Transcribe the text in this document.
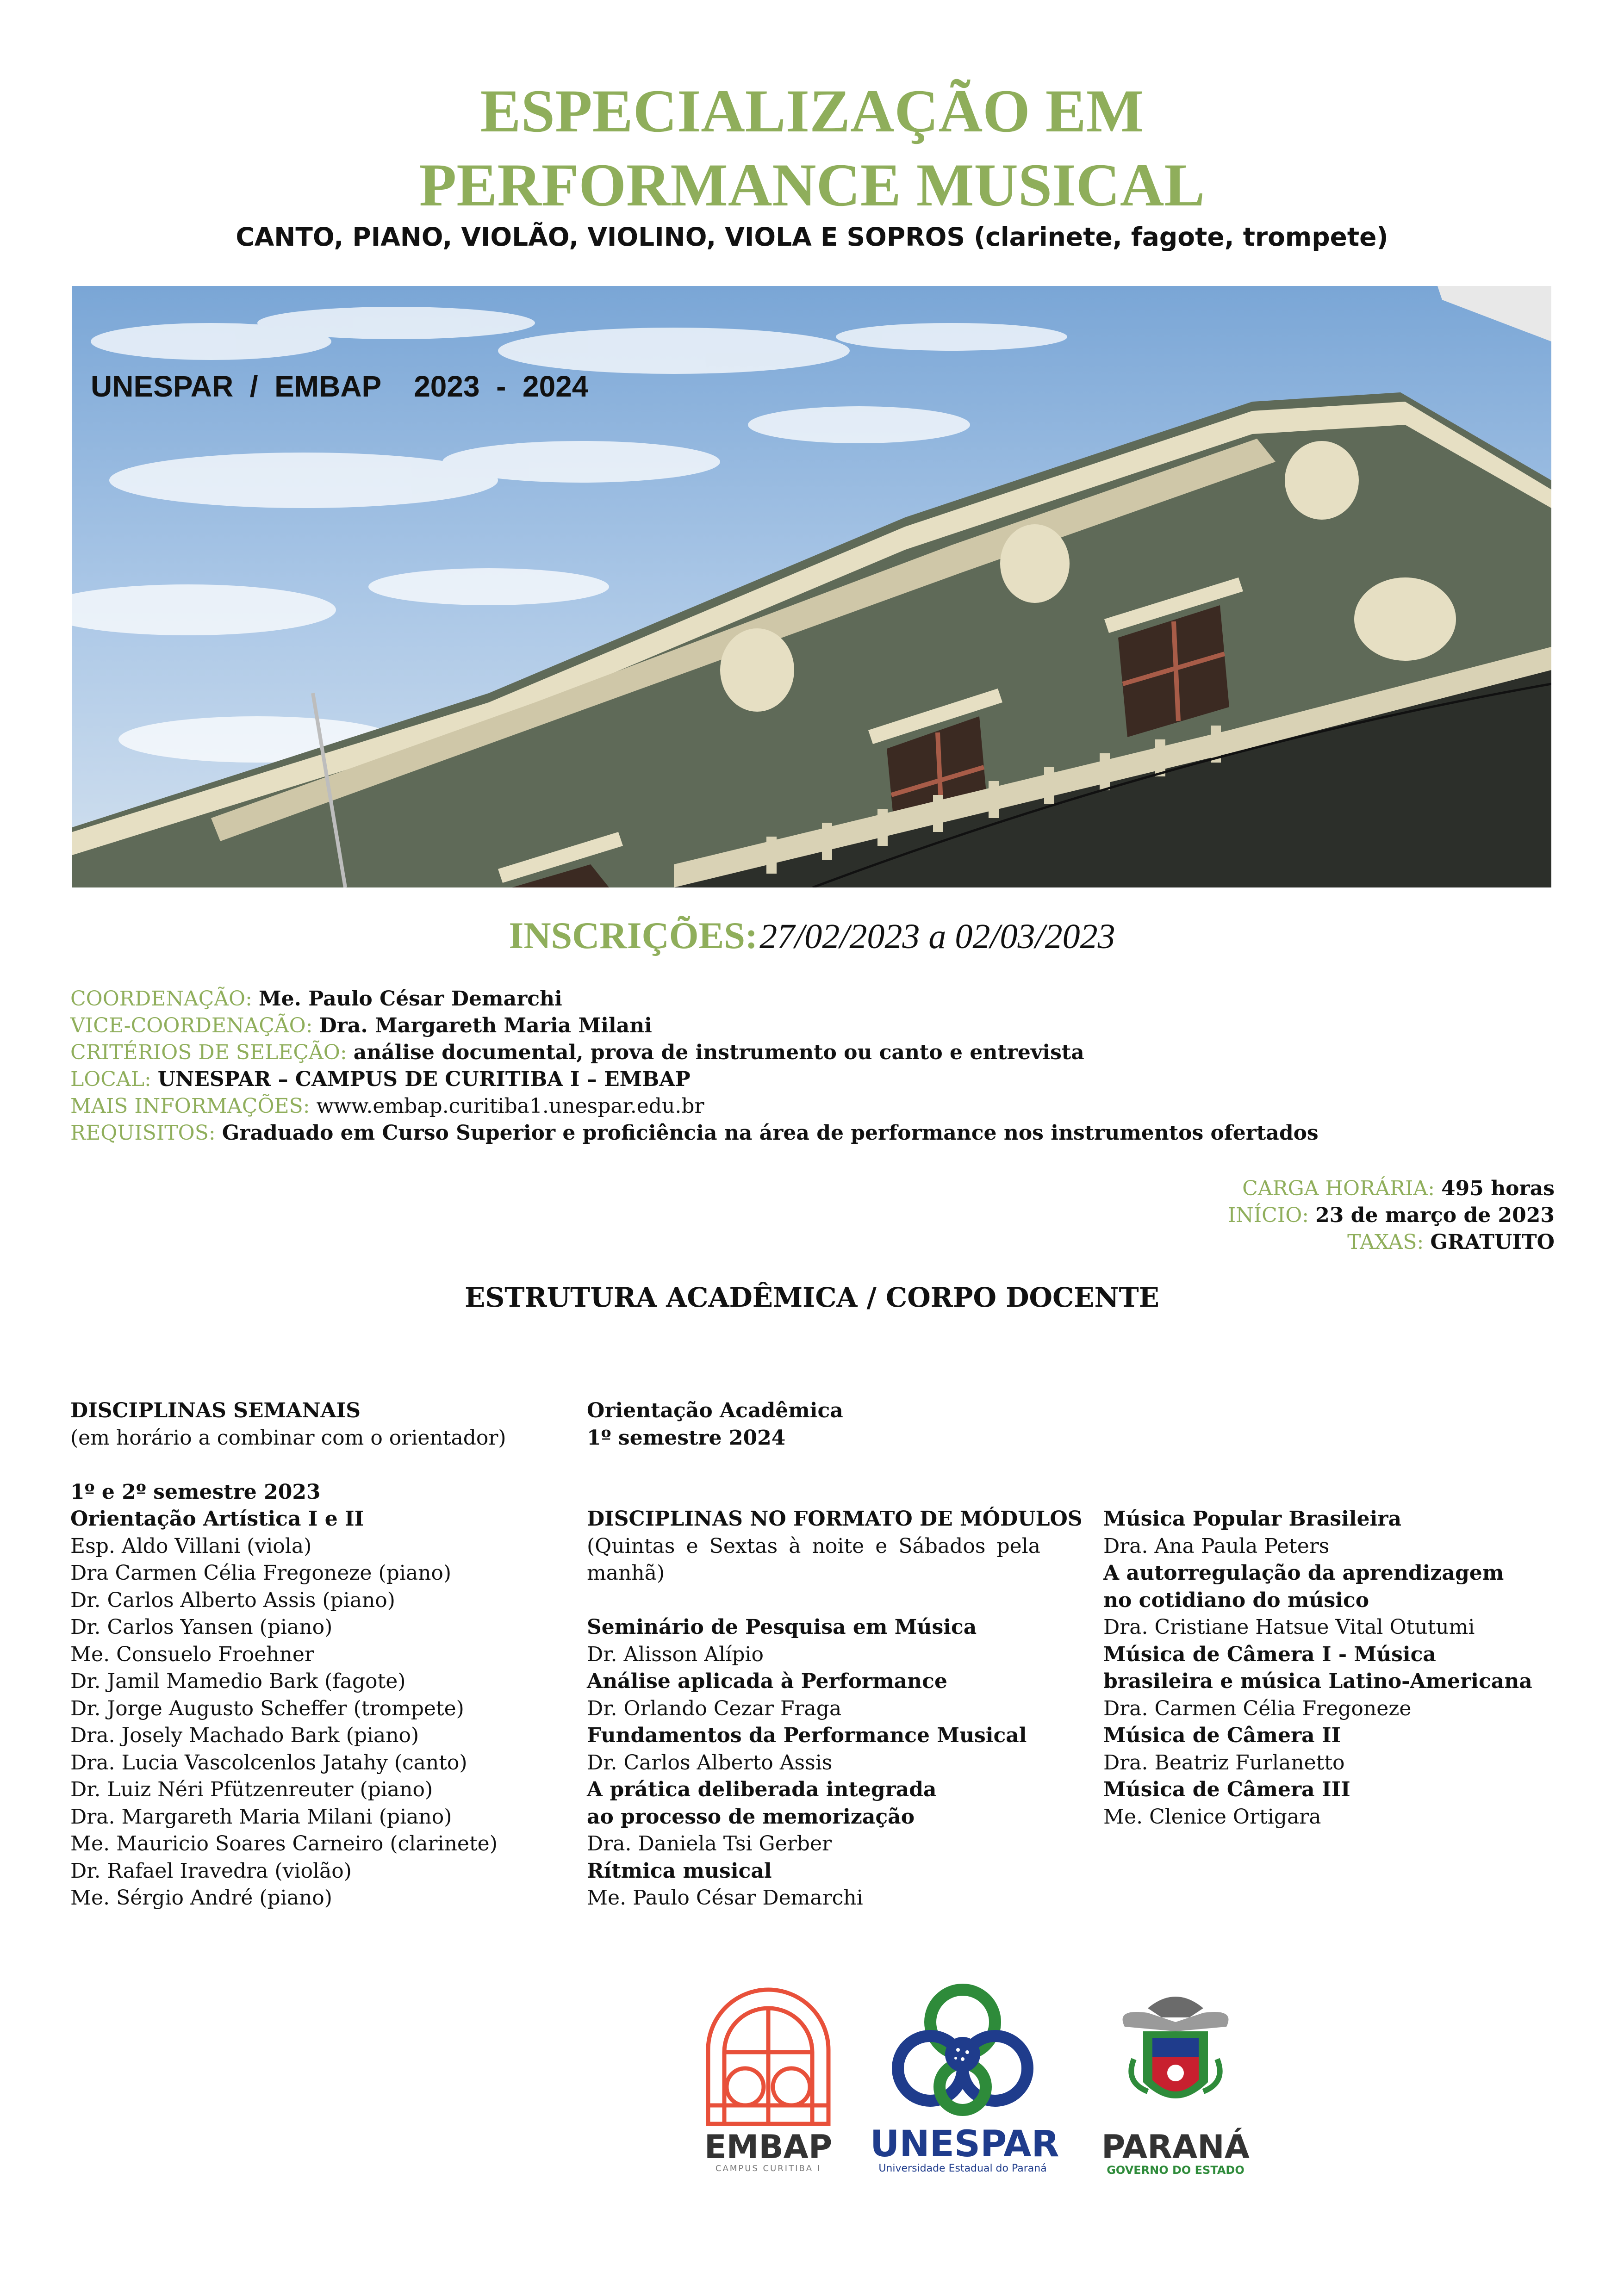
ESPECIALIZAÇÃO EM
PERFORMANCE MUSICAL
CANTO, PIANO, VIOLÃO, VIOLINO, VIOLA E SOPROS (clarinete, fagote, trompete)
UNESPAR  /  EMBAP    2023  -  2024
INSCRIÇÕES: 27/02/2023 a 02/03/2023
COORDENAÇÃO: Me. Paulo César Demarchi
VICE-COORDENAÇÃO: Dra. Margareth Maria Milani
CRITÉRIOS DE SELEÇÃO: análise documental, prova de instrumento ou canto e entrevista
LOCAL: UNESPAR – CAMPUS DE CURITIBA I – EMBAP
MAIS INFORMAÇÕES: www.embap.curitiba1.unespar.edu.br
REQUISITOS: Graduado em Curso Superior e proficiência na área de performance nos instrumentos ofertados
CARGA HORÁRIA: 495 horas
INÍCIO: 23 de março de 2023
TAXAS: GRATUITO
ESTRUTURA ACADÊMICA / CORPO DOCENTE
DISCIPLINAS SEMANAIS
(em horário a combinar com o orientador)
1º e 2º semestre 2023
Orientação Artística I e II
Esp. Aldo Villani (viola)
Dra Carmen Célia Fregoneze (piano)
Dr. Carlos Alberto Assis (piano)
Dr. Carlos Yansen (piano)
Me. Consuelo Froehner
Dr. Jamil Mamedio Bark (fagote)
Dr. Jorge Augusto Scheffer (trompete)
Dra. Josely Machado Bark (piano)
Dra. Lucia Vascolcenlos Jatahy (canto)
Dr. Luiz Néri Pfützenreuter (piano)
Dra. Margareth Maria Milani (piano)
Me. Mauricio Soares Carneiro (clarinete)
Dr. Rafael Iravedra (violão)
Me. Sérgio André (piano)
Orientação Acadêmica
1º semestre 2024
DISCIPLINAS NO FORMATO DE MÓDULOS
(Quintas e Sextas à noite e Sábados pela manhã)
Seminário de Pesquisa em Música
Dr. Alisson Alípio
Análise aplicada à Performance
Dr. Orlando Cezar Fraga
Fundamentos da Performance Musical
Dr. Carlos Alberto Assis
A prática deliberada integrada ao processo de memorização
Dra. Daniela Tsi Gerber
Rítmica musical
Me. Paulo César Demarchi
Música Popular Brasileira
Dra. Ana Paula Peters
A autorregulação da aprendizagem no cotidiano do músico
Dra. Cristiane Hatsue Vital Otutumi
Música de Câmera I - Música brasileira e música Latino-Americana
Dra. Carmen Célia Fregoneze
Música de Câmera II
Dra. Beatriz Furlanetto
Música de Câmera III
Me. Clenice Ortigara
EMBAP
CAMPUS CURITIBA I
UNESPAR
Universidade Estadual do Paraná
PARANÁ
GOVERNO DO ESTADO
